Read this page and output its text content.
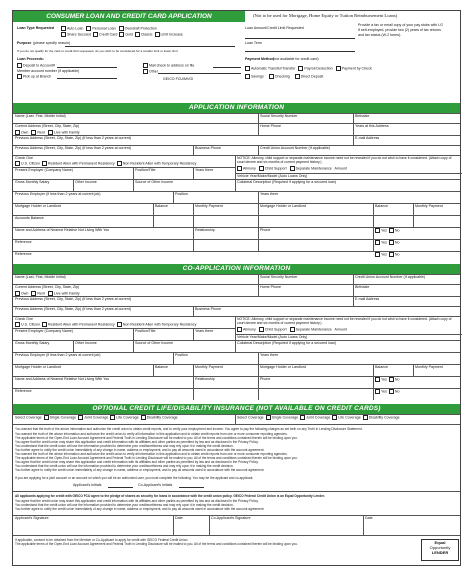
CONSUMER LOAN AND CREDIT CARD APPLICATION	(Not to be used for Mortgage, Home Equity or Tuition Reimbursement Loans)
Provide a fax or email copy of your pay stubs with LG
If self-employed, provide two (2) years of tax returns
and tax status (W-2 forms).
Loan Type Requested	Auto Loan	Personal Loan	Overdraft Protection
Share Secured Credit Card Gold Classic Limit Increase
Loan Amount/Credit Limit Requested
Loan Term
Purpose (please specify reason)
If you do not qualify for the card or credit limit requested, do you wish to be considered for a smaller limit or lower limit
Loan Proceeds:
Deposit to Account#	Mail check to address on file
Member account number (if applicable)
Pick up at Branch
Other
GEICO FCU/MVGI
Payment Method (not available for credit card)
Automatic Transfer/Transfer	Payroll Deduction	Payment by Check
Savings	Checking	Direct Deposit
APPLICATION INFORMATION
Name (Last, First, Middle Initial)	Social Security Number	Birthdate
Current Address (Street, City, State, Zip)	Home Phone	Years at this Address
Own	Rent	Live with Family
Previous Address (Street, City, State, Zip) (If less than 2 years at current)	E-mail Address
Previous Address (Street, City, State, Zip) (If less than 2 years at current)	Business Phone	Credit Union Account Number (If applicable)
Check One
U.S. Citizen Resident Alien with Permanent Residency Non Resident Alien with Temporary Residency
NOTICE: Alimony, child support or separate maintenance income need not be revealed if you do not wish to have it considered. (Attach copy of court decree and six months of current payment history.)
Alimony	Child Support	Separate Maintenance Amount
Present Employer (Company Name)	Position/Title	Years there
Vehicle Year/Make/Model (Auto Loans Only)
Gross Monthly Salary	Other Income	Source of Other Income	Collateral Description (Required if applying for a secured loan)
Previous Employer (if less than 2 years at current job)	Position	Years there
Mortgage Holder or Landlord	Balance	Monthly Payment	Mortgage Holder or Landlord	Balance	Monthly Payment
Accounts Balance
Name and Address of Nearest Relative Not Living With You	Relationship	Phone	Yes No
Reference	Yes No
Reference	Yes No
CO-APPLICATION INFORMATION
Name (Last, First, Middle Initial)	Social Security Number	Credit Union Account Number (If applicable)
Current Address (Street, City, State, Zip)	Home Phone	Birthdate
Own	Rent	Live with Family
Previous Address (Street, City, State, Zip) (If less than 2 years at current)	E-mail Address
Previous Address (Street, City, State, Zip) (If less than 2 years at current)	Business Phone
Check One
U.S. Citizen Resident Alien with Permanent Residency Non Resident Alien with Temporary Residency
NOTICE: Alimony, child support or separate maintenance income need not be revealed if you do not wish to have it considered. (Attach copy of court decree and six months of current payment history.)
Alimony	Child Support	Separate Maintenance Amount
Present Employer (Company Name)	Position/Title	Years there
Vehicle Year/Make/Model (Auto Loans Only)
Gross Monthly Salary	Other Income	Source of Other Income	Collateral Description (Required if applying for a secured loan)
Previous Employer (if less than 2 years at current job)	Position	Years there
Mortgage Holder or Landlord	Balance	Monthly Payment	Mortgage Holder or Landlord	Balance	Monthly Payment
Name and Address of Nearest Relative Not Living With You	Relationship	Phone	Yes No
Reference	Yes No
OPTIONAL CREDIT LIFE/DISABILITY INSURANCE (NOT AVAILABLE ON CREDIT CARDS)
Select Coverage Single Coverage Joint Coverage Life Coverage Disability Coverage	Select Coverage Single Coverage Joint Coverage Life Coverage Disability Coverage
You warrant that the truth of the above information and authorize the credit union to obtain credit reports, and to verify your employment and income. You agree to pay the following charges as set forth on any Truth in Lending Disclosure Statement.
You warrant the truth of the above information and authorize the credit union to verify all information in this application and to obtain credit reports from one or more consumer reporting agencies.
The applicable terms of the Open-End Loan Account Agreement and Federal Truth in Lending Disclosure will be mailed to you. All of the terms and conditions contained therein will be binding upon you.
You agree that the credit union may share this application and credit information with its affiliates and other parties as permitted by law and as disclosed in the Privacy Policy.
You understand that the credit union will use the information provided to determine your creditworthiness and may rely upon it in making the credit decision.
You further agree to notify the credit union immediately of any change in name, address or employment, and to pay all amounts owed in accordance with the account agreement.
You warrant the truth of the above information and authorize the credit union to verify all information in this application and to obtain credit reports from one or more consumer reporting agencies.
The applicable terms of the Open-End Loan Account Agreement and Federal Truth in Lending Disclosure will be mailed to you. All of the terms and conditions contained therein will be binding upon you.
You agree that the credit union may share this application and credit information with its affiliates and other parties as permitted by law and as disclosed in the Privacy Policy.
You understand that the credit union will use the information provided to determine your creditworthiness and may rely upon it in making the credit decision.
You further agree to notify the credit union immediately of any change in name, address or employment, and to pay all amounts owed in accordance with the account agreement.
If you are applying for a joint account or an account on which you will be an authorized user, you must complete the following. You may be the applicant and co-applicant.
Applicant's Initials	Co-Applicant's Initials
All applicants applying for credit with GEICO FCU agree to the pledge of shares as security for loans in accordance with the credit union policy. GEICO Federal Credit Union is an Equal Opportunity Lender.
You agree that the credit union may share this application and credit information with its affiliates and other parties as permitted by law and as disclosed in the Privacy Policy.
You understand that the credit union will use the information provided to determine your creditworthiness and may rely upon it in making the credit decision.
You further agree to notify the credit union immediately of any change in name, address or employment, and to pay all amounts owed in accordance with the account agreement.
Applicant's Signature	Date	Co-Applicant's Signature	Date
If applicable, consent to be obtained from the Member or Co-Applicant to apply for credit with GEICO Federal Credit Union.
The applicable terms of the Open-End Loan Account Agreement and Federal Truth in Lending Disclosure will be mailed to you. All of the terms and conditions contained therein will be binding upon you.	Equal
Opportunity
LENDER
